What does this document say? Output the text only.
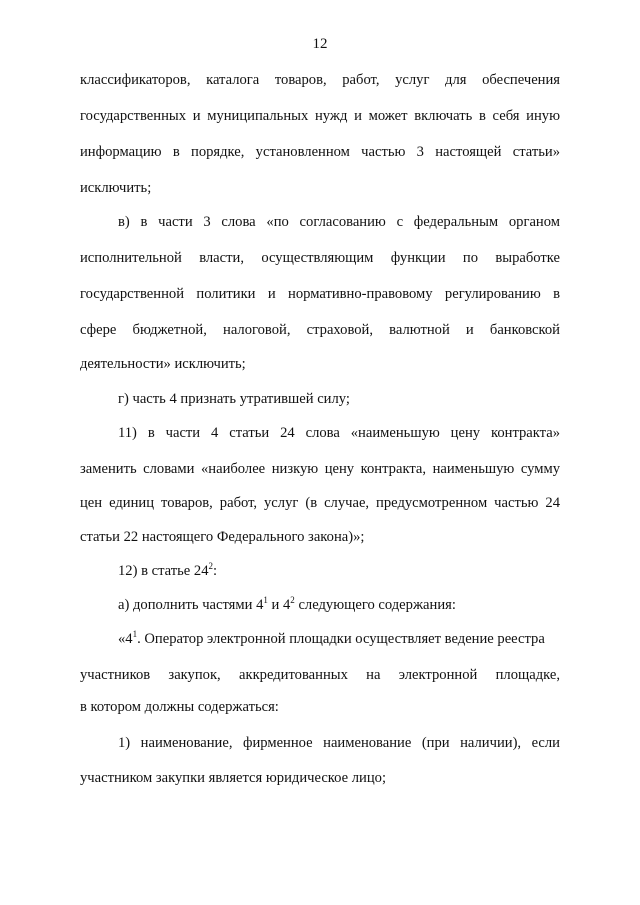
12
классификаторов, каталога товаров, работ, услуг для обеспечения
государственных и муниципальных нужд и может включать в себя иную
информацию в порядке, установленном частью 3 настоящей статьи»
исключить;
в) в части 3 слова «по согласованию с федеральным органом
исполнительной власти, осуществляющим функции по выработке
государственной политики и нормативно-правовому регулированию в
сфере бюджетной, налоговой, страховой, валютной и банковской
деятельности» исключить;
г) часть 4 признать утратившей силу;
11) в части 4 статьи 24 слова «наименьшую цену контракта»
заменить словами «наиболее низкую цену контракта, наименьшую сумму
цен единиц товаров, работ, услуг (в случае, предусмотренном частью 24
статьи 22 настоящего Федерального закона)»;
12) в статье $24^2$:
а) дополнить частями $4^1$ и $4^2$ следующего содержания:
«$4^1$. Оператор электронной площадки осуществляет ведение реестра
участников закупок, аккредитованных на электронной площадке,
в котором должны содержаться:
1) наименование, фирменное наименование (при наличии), если
участником закупки является юридическое лицо;
